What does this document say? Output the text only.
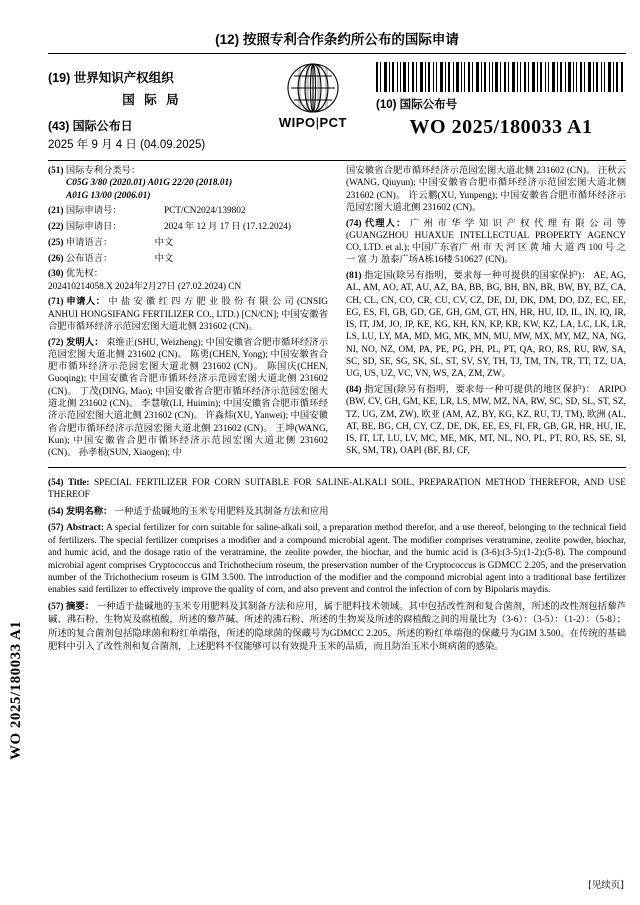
WO 2025/180033 A1
(12) 按照专利合作条约所公布的国际申请
(19) 世界知识产权组织
国 际 局
(43) 国际公布日
2025 年 9 月 4 日 (04.09.2025)
WIPO|PCT
(10) 国际公布号
WO 2025/180033 A1
(51) 国际专利分类号：
C05G 3/80 (2020.01) A01G 22/20 (2018.01)
A01G 13/00 (2006.01)
(21) 国际申请号：	PCT/CN2024/139802
(22) 国际申请日：	2024 年 12 月 17 日 (17.12.2024)
(25) 申请语言：	中文
(26) 公布语言：	中文
(30) 优先权：
202410214058.X 2024年2月27日 (27.02.2024) CN
(71) 申请人： 中 盐 安 徽 红 四 方 肥 业 股 份 有 限 公 司 (CNSIG ANHUI HONGSIFANG FERTILIZER CO., LTD.) [CN/CN]; 中国安徽省合肥市循环经济示范园宏图大道北侧 231602 (CN)。
(72) 发明人： 束维正(SHU, Weizheng); 中国安徽省合肥市循环经济示范园宏图大道北侧 231602 (CN)。 陈勇(CHEN, Yong); 中国安徽省合肥市循环经济示范园宏图大道北侧 231602 (CN)。 陈国庆(CHEN, Guoqing); 中国安徽省合肥市循环经济示范园宏图大道北侧 231602 (CN)。 丁茂(DING, Mao); 中国安徽省合肥市循环经济示范园宏图大道北侧 231602 (CN)。 李慧敏(LI, Huimin); 中国安徽省合肥市循环经济示范园宏图大道北侧 231602 (CN)。 许淼炜(XU, Yanwei); 中国安徽省合肥市循环经济示范园宏图大道北侧 231602 (CN)。 王坤(WANG, Kun); 中国安徽省合肥市循环经济示范园宏图大道北侧 231602 (CN)。 孙孝根(SUN, Xiaogen); 中
国安徽省合肥市循环经济示范园宏图大道北侧 231602 (CN)。 汪秋云(WANG, Qiuyun); 中国安徽省合肥市循环经济示范园宏图大道北侧 231602 (CN)。 许云鹏(XU, Yunpeng); 中国安徽省合肥市循环经济示范园宏图大道北侧 231602 (CN)。
(74) 代理人： 广 州 市 华 学 知 识 产 权 代 理 有 限 公 司 等 (GUANGZHOU HUAXUE INTELLECTUAL PROPERTY AGENCY CO, LTD. et al.); 中国广东省广 州 市 天 河 区 黄 埔 大 道 西 100 号 之 一 富 力 盈泰广场A栋16楼 510627 (CN)。
(81) 指定国(除另有指明，要求每一种可提供的国家保护)： AE, AG, AL, AM, AO, AT, AU, AZ, BA, BB, BG, BH, BN, BR, BW, BY, BZ, CA, CH, CL, CN, CO, CR, CU, CV, CZ, DE, DJ, DK, DM, DO, DZ, EC, EE, EG, ES, FI, GB, GD, GE, GH, GM, GT, HN, HR, HU, ID, IL, IN, IQ, IR, IS, IT, JM, JO, JP, KE, KG, KH, KN, KP, KR, KW, KZ, LA, LC, LK, LR, LS, LU, LY, MA, MD, MG, MK, MN, MU, MW, MX, MY, MZ, NA, NG, NI, NO, NZ, OM, PA, PE, PG, PH, PL, PT, QA, RO, RS, RU, RW, SA, SC, SD, SE, SG, SK, SL, ST, SV, SY, TH, TJ, TM, TN, TR, TT, TZ, UA, UG, US, UZ, VC, VN, WS, ZA, ZM, ZW。
(84) 指定国(除另有指明，要求每一种可提供的地区保护)： ARIPO (BW, CV, GH, GM, KE, LR, LS, MW, MZ, NA, RW, SC, SD, SL, ST, SZ, TZ, UG, ZM, ZW), 欧亚 (AM, AZ, BY, KG, KZ, RU, TJ, TM), 欧洲 (AL, AT, BE, BG, CH, CY, CZ, DE, DK, EE, ES, FI, FR, GB, GR, HR, HU, IE, IS, IT, LT, LU, LV, MC, ME, MK, MT, NL, NO, PL, PT, RO, RS, SE, SI, SK, SM, TR), OAPI (BF, BJ, CF,
(54) Title: SPECIAL FERTILIZER FOR CORN SUITABLE FOR SALINE-ALKALI SOIL, PREPARATION METHOD THEREFOR, AND USE THEREOF
(54) 发明名称： 一种适于盐碱地的玉米专用肥料及其制备方法和应用
(57) Abstract: A special fertilizer for corn suitable for saline-alkali soil, a preparation method therefor, and a use thereof, belonging to the technical field of fertilizers. The special fertilizer comprises a modifier and a compound microbial agent. The modifier comprises veratramine, zeolite powder, biochar, and humic acid, and the dosage ratio of the veratramine, the zeolite powder, the biochar, and the humic acid is (3-6):(3-5):(1-2):(5-8). The compound microbial agent comprises Cryptococcus and Trichothecium roseum, the preservation number of the Cryptococcus is GDMCC 2.205, and the preservation number of the Trichothecium roseum is GIM 3.500. The introduction of the modifier and the compound microbial agent into a traditional base fertilizer enables said fertilizer to effectively improve the quality of corn, and also prevent and control the infection of corn by Bipolaris maydis.
(57) 摘要： 一种适于盐碱地的玉米专用肥料及其制备方法和应用，属于肥料技术领域。其中包括改性剂和复合菌剂，所述的改性剂包括藜芦碱、沸石粉、生物炭及腐植酸，所述的藜芦碱、所述的沸石粉、所述的生物炭及所述的腐植酸之间的用量比为（3-6）：（3-5）：（1-2）：（5-8）；所述的复合菌剂包括隐球菌和粉红单端孢，所述的隐球菌的保藏号为GDMCC 2.205，所述的粉红单端孢的保藏号为GIM 3.500。在传统的基础肥料中引入了改性剂和复合菌剂，上述肥料不仅能够可以有效提升玉米的品质，而且防治玉米小斑病菌的感染。
[见续页]
